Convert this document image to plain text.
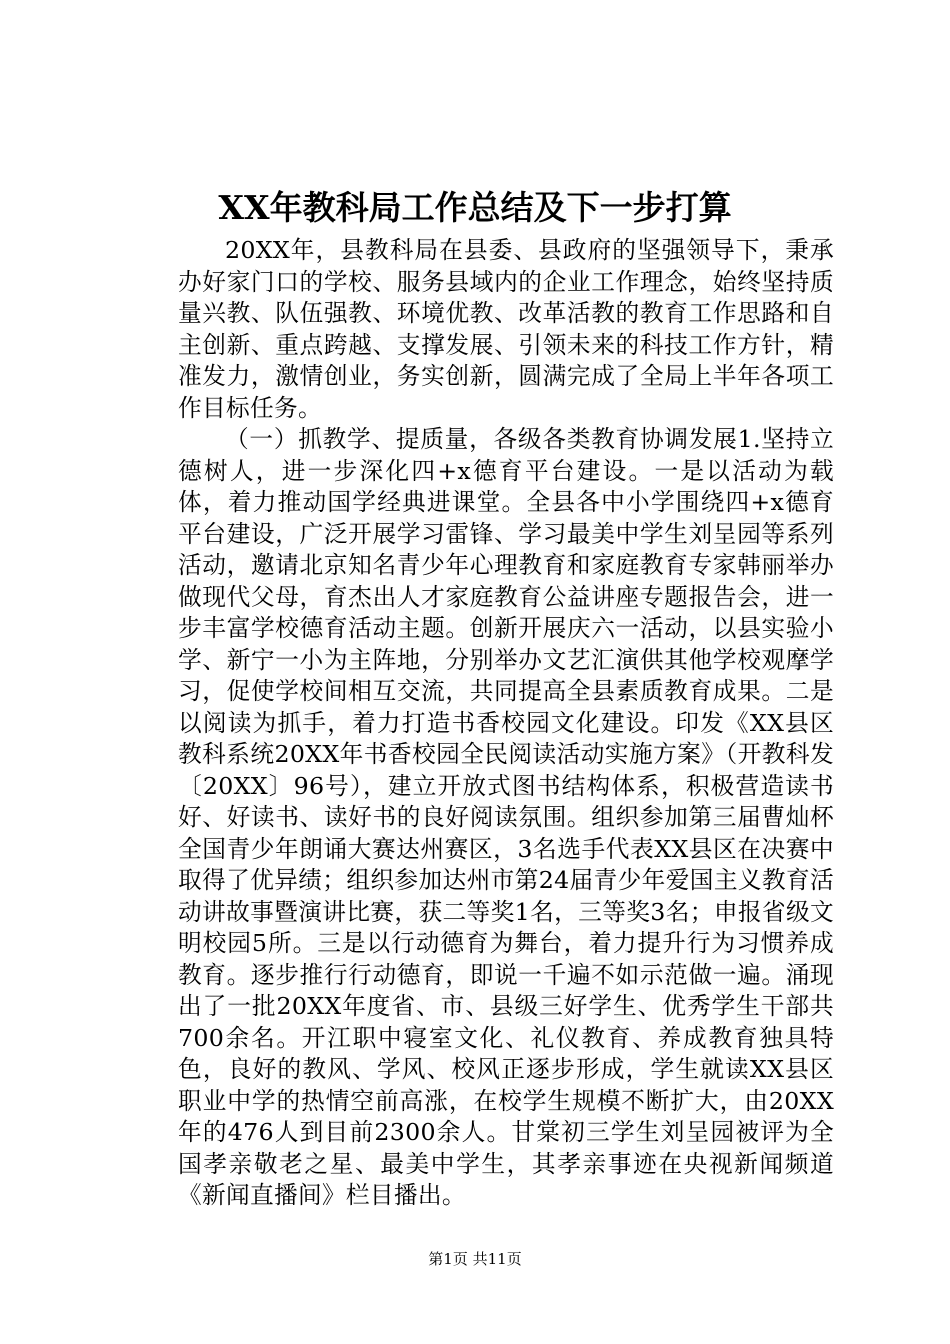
XX年教科局工作总结及下一步打算

20XX年，县教科局在县委、县政府的坚强领导下，秉承办好家门口的学校、服务县域内的企业工作理念，始终坚持质量兴教、队伍强教、环境优教、改革活教的教育工作思路和自主创新、重点跨越、支撑发展、引领未来的科技工作方针，精准发力，激情创业，务实创新，圆满完成了全局上半年各项工作目标任务。

（一）抓教学、提质量，各级各类教育协调发展1.坚持立德树人，进一步深化四+x德育平台建设。一是以活动为载体，着力推动国学经典进课堂。全县各中小学围绕四+x德育平台建设，广泛开展学习雷锋、学习最美中学生刘呈园等系列活动，邀请北京知名青少年心理教育和家庭教育专家韩丽举办做现代父母，育杰出人才家庭教育公益讲座专题报告会，进一步丰富学校德育活动主题。创新开展庆六一活动，以县实验小学、新宁一小为主阵地，分别举办文艺汇演供其他学校观摩学习，促使学校间相互交流，共同提高全县素质教育成果。二是以阅读为抓手，着力打造书香校园文化建设。印发《XX县区教科系统20XX年书香校园全民阅读活动实施方案》（开教科发〔20XX〕96号），建立开放式图书结构体系，积极营造读书好、好读书、读好书的良好阅读氛围。组织参加第三届曹灿杯全国青少年朗诵大赛达州赛区，3名选手代表XX县区在决赛中取得了优异绩；组织参加达州市第24届青少年爱国主义教育活动讲故事暨演讲比赛，获二等奖1名，三等奖3名；申报省级文明校园5所。三是以行动德育为舞台，着力提升行为习惯养成教育。逐步推行行动德育，即说一千遍不如示范做一遍。涌现出了一批20XX年度省、市、县级三好学生、优秀学生干部共700余名。开江职中寝室文化、礼仪教育、养成教育独具特色，良好的教风、学风、校风正逐步形成，学生就读XX县区职业中学的热情空前高涨，在校学生规模不断扩大，由20XX年的476人到目前2300余人。甘棠初三学生刘呈园被评为全国孝亲敬老之星、最美中学生，其孝亲事迹在央视新闻频道《新闻直播间》栏目播出。

第1页 共11页
